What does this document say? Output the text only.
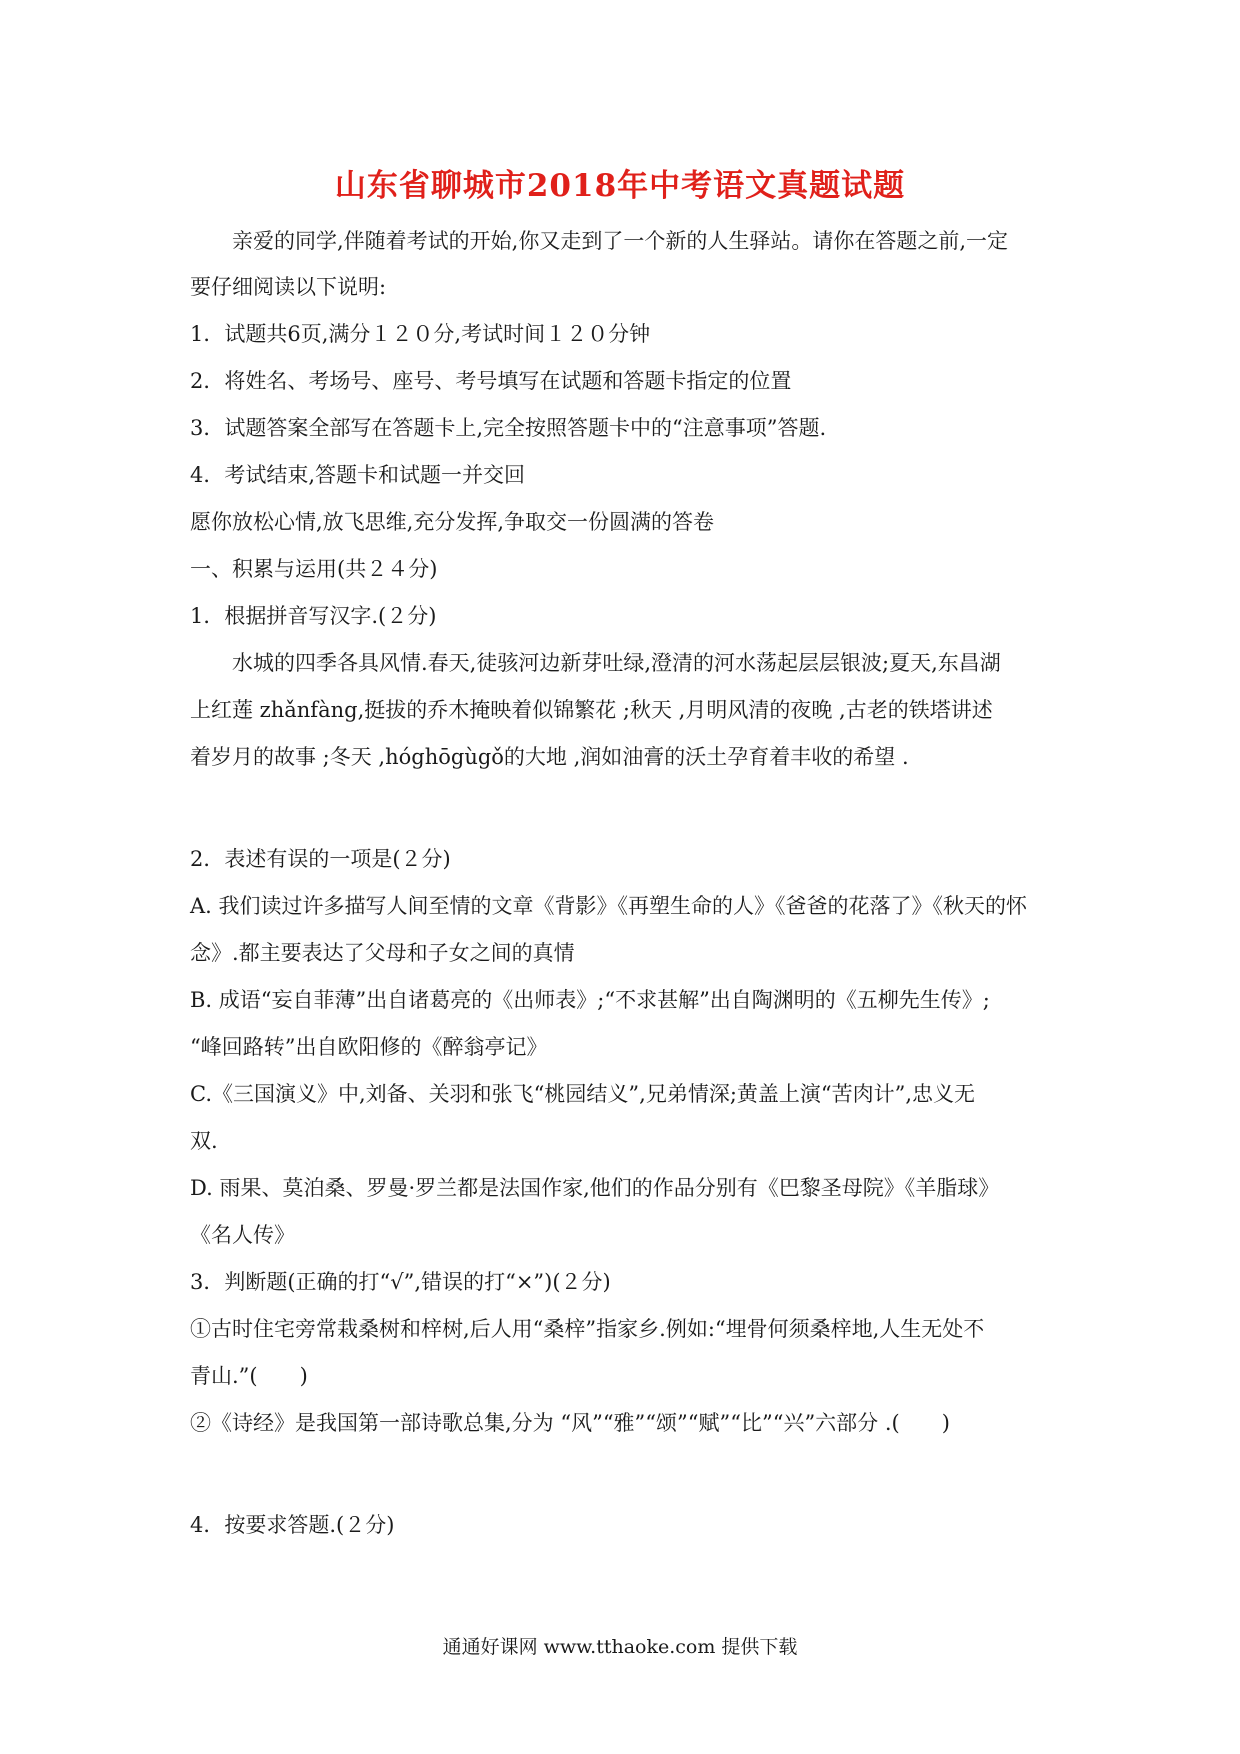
山东省聊城市2018年中考语文真题试题
亲爱的同学,伴随着考试的开始,你又走到了一个新的人生驿站。请你在答题之前,一定
要仔细阅读以下说明:
1．试题共6页,满分１２０分,考试时间１２０分钟
2．将姓名、考场号、座号、考号填写在试题和答题卡指定的位置
3．试题答案全部写在答题卡上,完全按照答题卡中的“注意事项”答题.
4．考试结束,答题卡和试题一并交回
愿你放松心情,放飞思维,充分发挥,争取交一份圆满的答卷
一、积累与运用(共２４分)
1．根据拼音写汉字.(２分)
水城的四季各具风情.春天,徒骇河边新芽吐绿,澄清的河水荡起层层银波;夏天,东昌湖
上红莲 zhǎnfàng,挺拔的乔木掩映着似锦繁花 ;秋天 ,月明风清的夜晚 ,古老的铁塔讲述
着岁月的故事 ;冬天 ,hóghōgùgǒ的大地 ,润如油膏的沃土孕育着丰收的希望 .
2．表述有误的一项是(２分)
A. 我们读过许多描写人间至情的文章《背影》《再塑生命的人》《爸爸的花落了》《秋天的怀
念》.都主要表达了父母和子女之间的真情
B. 成语“妄自菲薄”出自诸葛亮的《出师表》;“不求甚解”出自陶渊明的《五柳先生传》;
“峰回路转”出自欧阳修的《醉翁亭记》
C.《三国演义》中,刘备、关羽和张飞“桃园结义”,兄弟情深;黄盖上演“苦肉计”,忠义无
双.
D. 雨果、莫泊桑、罗曼·罗兰都是法国作家,他们的作品分别有《巴黎圣母院》《羊脂球》
《名人传》
3．判断题(正确的打“√”,错误的打“×”)(２分)
①古时住宅旁常栽桑树和梓树,后人用“桑梓”指家乡.例如:“埋骨何须桑梓地,人生无处不
青山.”(　　)
②《诗经》是我国第一部诗歌总集,分为 “风”“雅”“颂”“赋”“比”“兴”六部分 .(　　)
4．按要求答题.(２分)
通通好课网 www.tthaoke.com 提供下载
